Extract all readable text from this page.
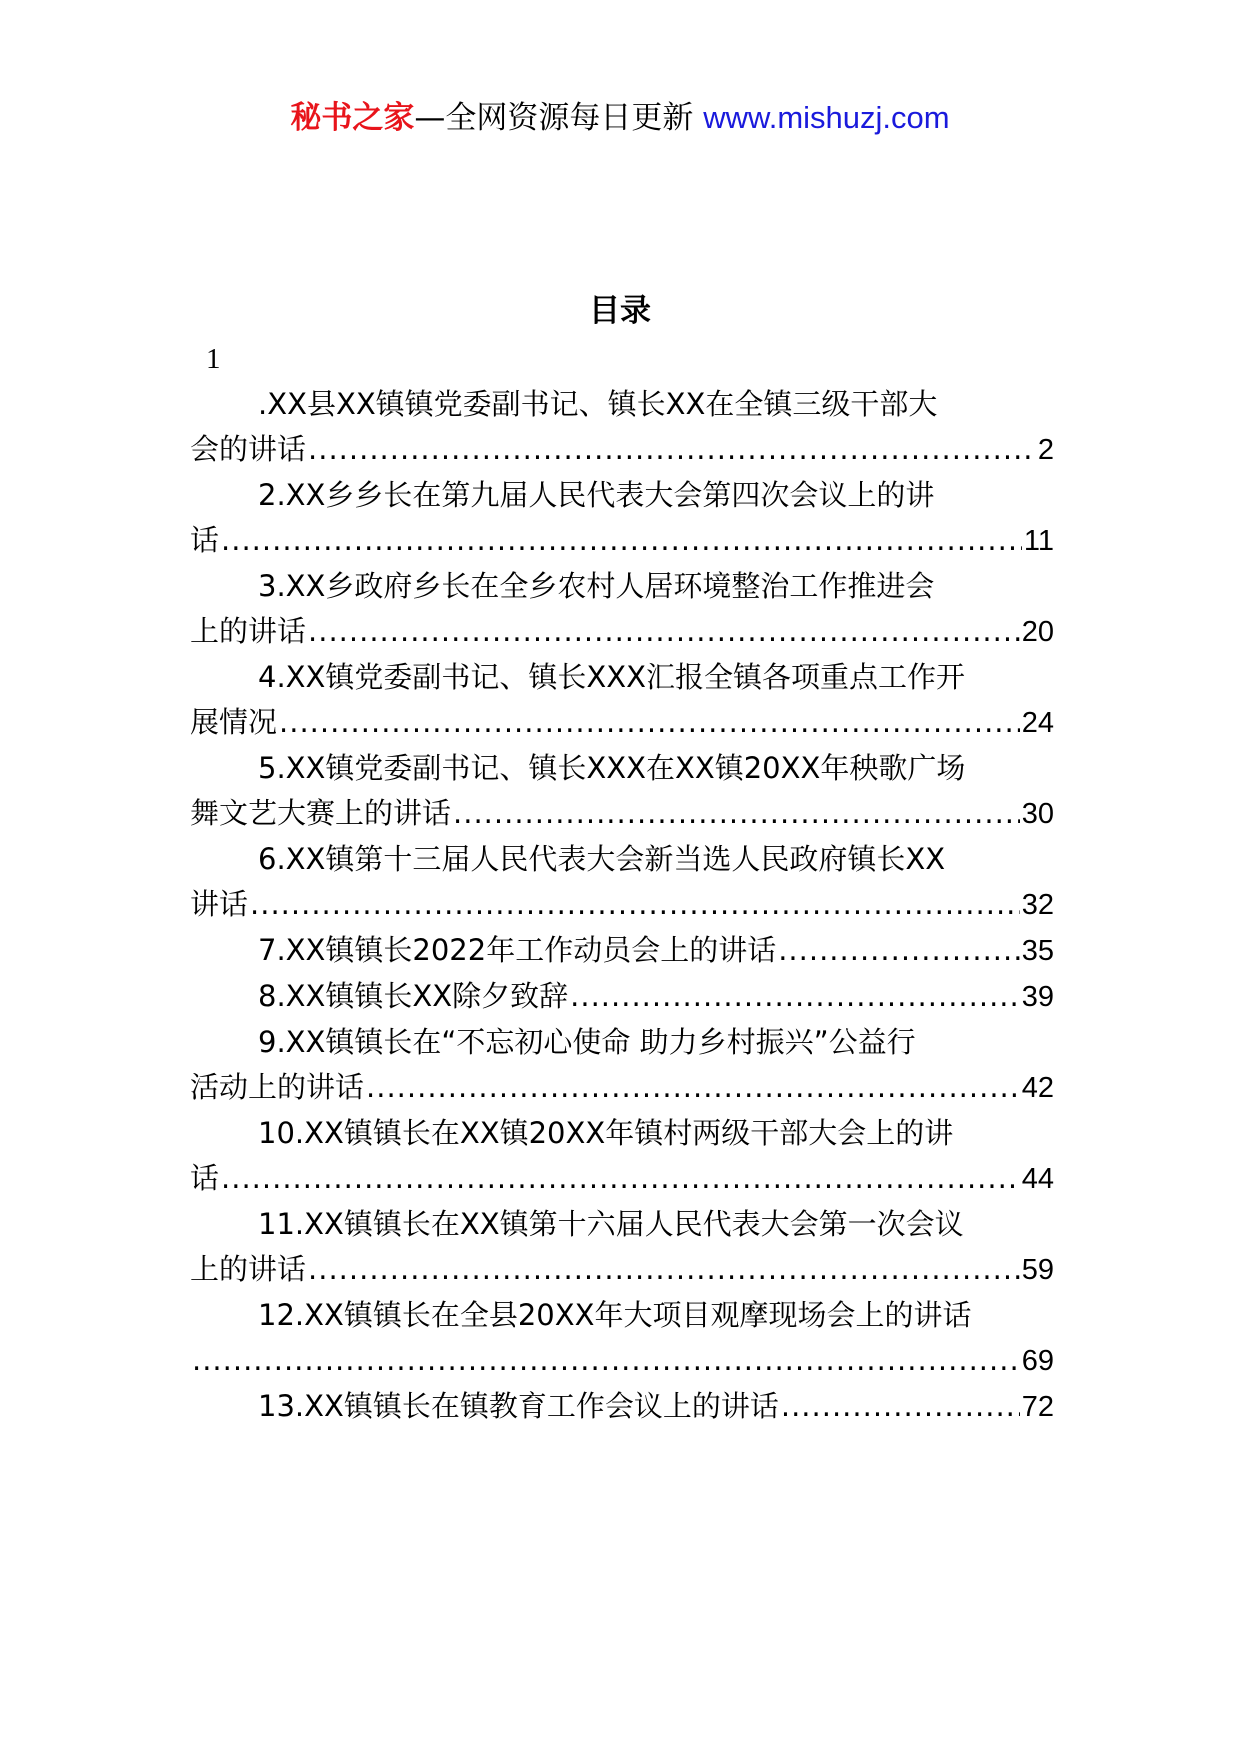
秘书之家—全网资源每日更新 www.mishuzj.com
目录
1
.XX县XX镇镇党委副书记、镇长XX在全镇三级干部大
会的讲话 .....	2
2.XX乡乡长在第九届人民代表大会第四次会议上的讲
话 .....	11
3.XX乡政府乡长在全乡农村人居环境整治工作推进会
上的讲话 .....	20
4.XX镇党委副书记、镇长XXX汇报全镇各项重点工作开
展情况 .....	24
5.XX镇党委副书记、镇长XXX在XX镇20XX年秧歌广场
舞文艺大赛上的讲话 .....	30
6.XX镇第十三届人民代表大会新当选人民政府镇长XX
讲话 .....	32
7.XX镇镇长2022年工作动员会上的讲话 .....	35
8.XX镇镇长XX除夕致辞 .....	39
9.XX镇镇长在“不忘初心使命 助力乡村振兴”公益行
活动上的讲话 .....	42
10.XX镇镇长在XX镇20XX年镇村两级干部大会上的讲
话 .....	44
11.XX镇镇长在XX镇第十六届人民代表大会第一次会议
上的讲话 .....	59
12.XX镇镇长在全县20XX年大项目观摩现场会上的讲话
.....
69
13.XX镇镇长在镇教育工作会议上的讲话 .....	72
